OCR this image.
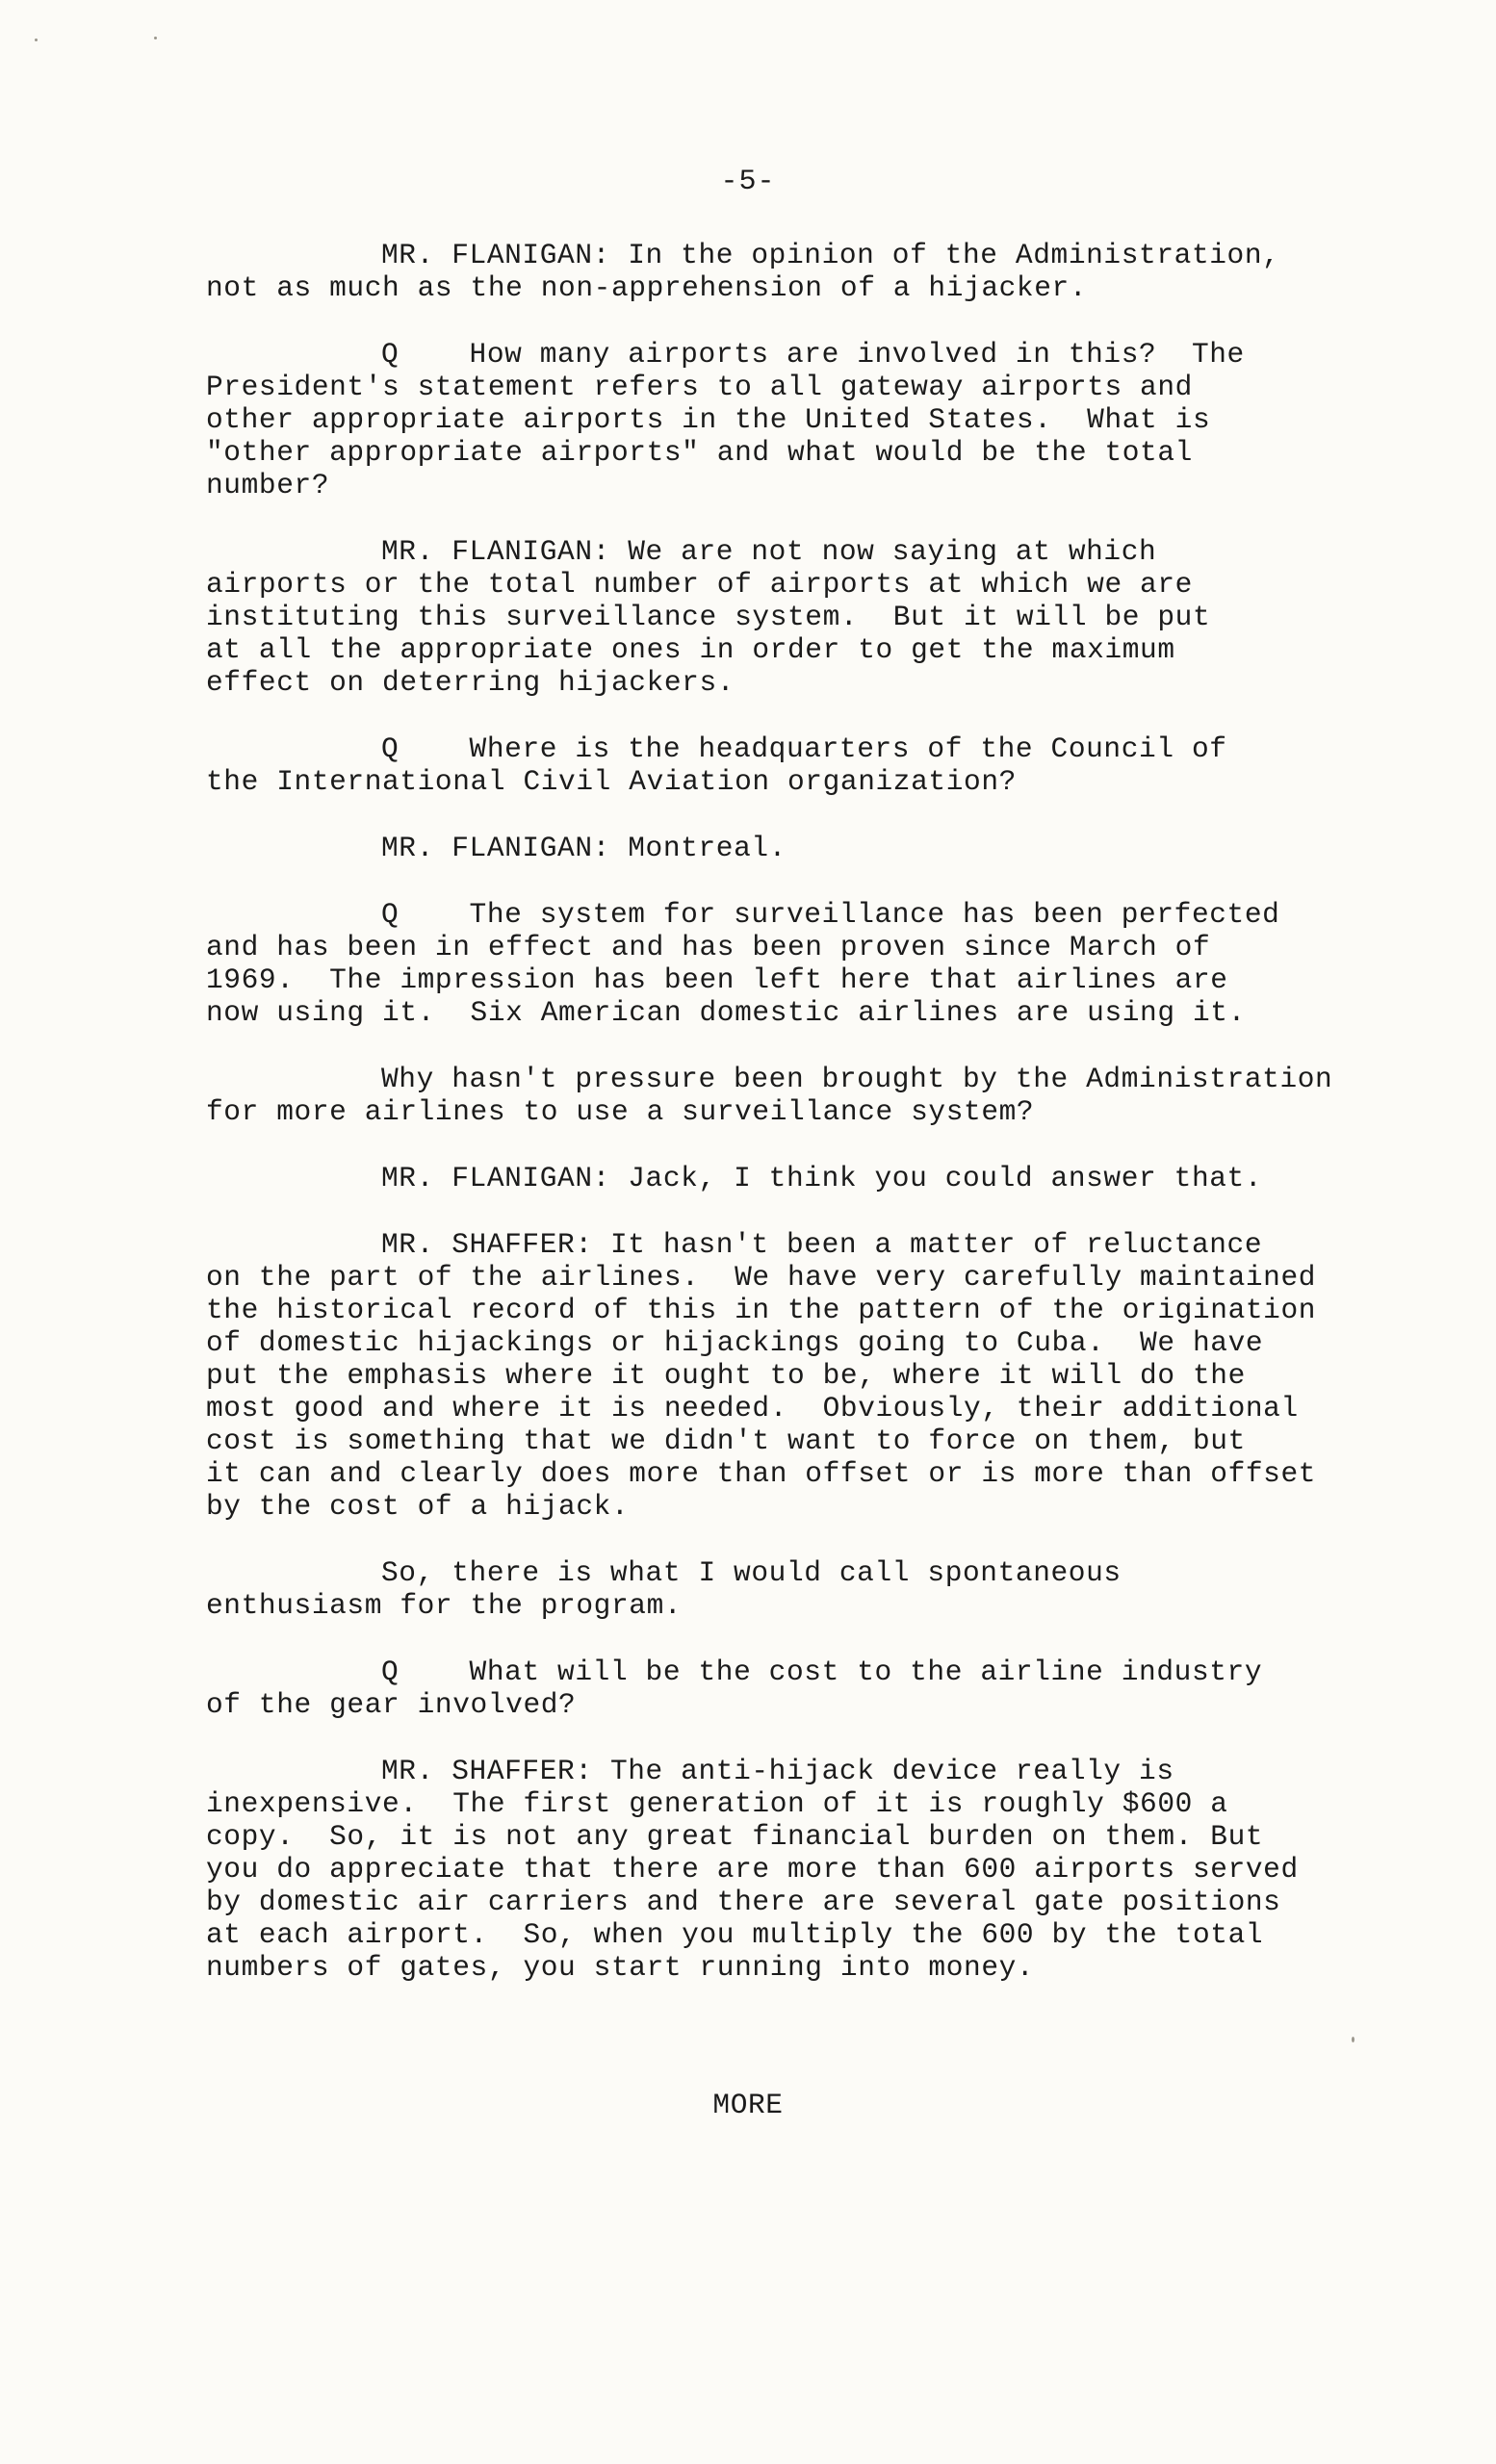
-5-
MR. FLANIGAN: In the opinion of the Administration,
not as much as the non-apprehension of a hijacker.
Q How many airports are involved in this?  The
President's statement refers to all gateway airports and
other appropriate airports in the United States.  What is
"other appropriate airports" and what would be the total
number?
MR. FLANIGAN: We are not now saying at which
airports or the total number of airports at which we are
instituting this surveillance system.  But it will be put
at all the appropriate ones in order to get the maximum
effect on deterring hijackers.
Q Where is the headquarters of the Council of
the International Civil Aviation organization?
MR. FLANIGAN: Montreal.
Q The system for surveillance has been perfected
and has been in effect and has been proven since March of
1969.  The impression has been left here that airlines are
now using it.  Six American domestic airlines are using it.
Why hasn't pressure been brought by the Administration
for more airlines to use a surveillance system?
MR. FLANIGAN: Jack, I think you could answer that.
MR. SHAFFER: It hasn't been a matter of reluctance
on the part of the airlines.  We have very carefully maintained
the historical record of this in the pattern of the origination
of domestic hijackings or hijackings going to Cuba.  We have
put the emphasis where it ought to be, where it will do the
most good and where it is needed.  Obviously, their additional
cost is something that we didn't want to force on them, but
it can and clearly does more than offset or is more than offset
by the cost of a hijack.
So, there is what I would call spontaneous
enthusiasm for the program.
Q What will be the cost to the airline industry
of the gear involved?
MR. SHAFFER: The anti-hijack device really is
inexpensive.  The first generation of it is roughly $600 a
copy.  So, it is not any great financial burden on them. But
you do appreciate that there are more than 600 airports served
by domestic air carriers and there are several gate positions
at each airport.  So, when you multiply the 600 by the total
numbers of gates, you start running into money.
MORE
